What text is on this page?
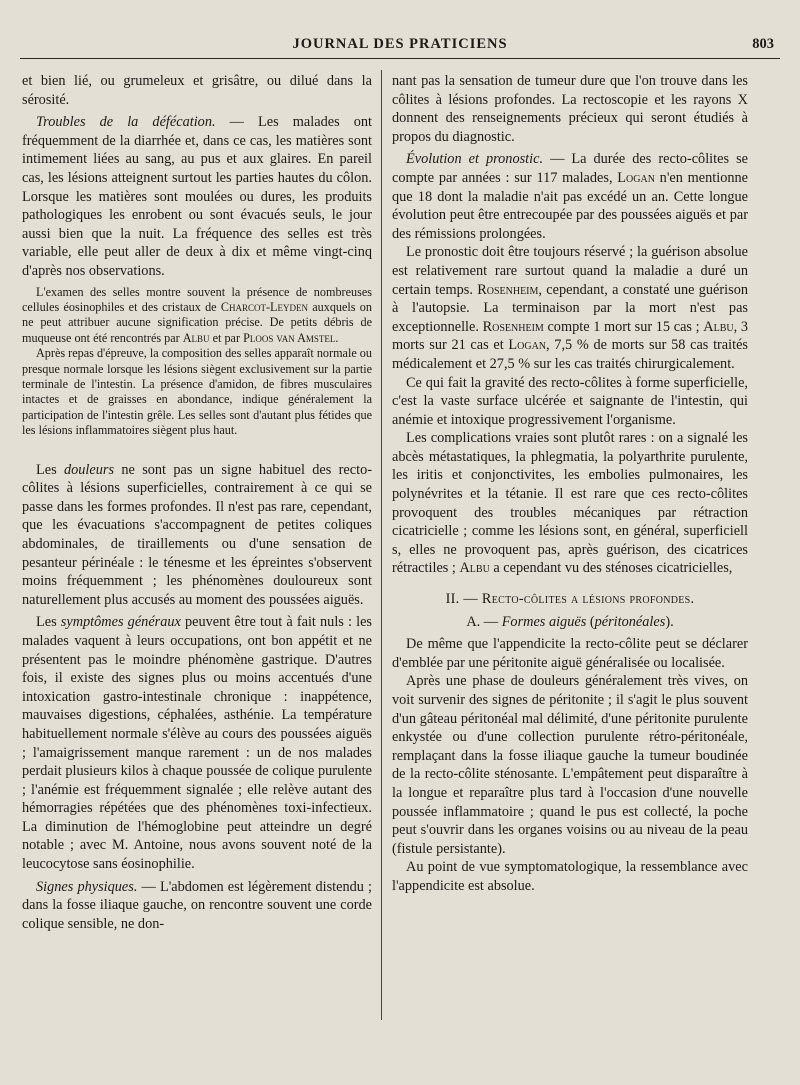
JOURNAL DES PRATICIENS	803

et bien lié, ou grumeleux et grisâtre, ou dilué dans la sérosité.

Troubles de la défécation. — Les malades ont fréquemment de la diarrhée et, dans ce cas, les matières sont intimement liées au sang, au pus et aux glaires. En pareil cas, les lésions atteignent surtout les parties hautes du côlon. Lorsque les matières sont moulées ou dures, les produits pathologiques les enrobent ou sont évacués seuls, le jour aussi bien que la nuit. La fréquence des selles est très variable, elle peut aller de deux à dix et même vingt-cinq d'après nos observations.

L'examen des selles montre souvent la présence de nombreuses cellules éosinophiles et des cristaux de Charcot-Leyden auxquels on ne peut attribuer aucune signification précise. De petits débris de muqueuse ont été rencontrés par Albu et par Ploos van Amstel.

Après repas d'épreuve, la composition des selles apparaît normale ou presque normale lorsque les lésions siègent exclusivement sur la partie terminale de l'intestin. La présence d'amidon, de fibres musculaires intactes et de graisses en abondance, indique généralement la participation de l'intestin grêle. Les selles sont d'autant plus fétides que les lésions inflammatoires siègent plus haut.

Les douleurs ne sont pas un signe habituel des recto-côlites à lésions superficielles, contrairement à ce qui se passe dans les formes profondes. Il n'est pas rare, cependant, que les évacuations s'accompagnent de petites coliques abdominales, de tiraillements ou d'une sensation de pesanteur périnéale : le ténesme et les épreintes s'observent moins fréquemment ; les phénomènes douloureux sont naturellement plus accusés au moment des poussées aiguës.

Les symptômes généraux peuvent être tout à fait nuls : les malades vaquent à leurs occupations, ont bon appétit et ne présentent pas le moindre phénomène gastrique. D'autres fois, il existe des signes plus ou moins accentués d'une intoxication gastro-intestinale chronique : inappétence, mauvaises digestions, céphalées, asthénie. La température habituellement normale s'élève au cours des poussées aiguës ; l'amaigrissement manque rarement : un de nos malades perdait plusieurs kilos à chaque poussée de colique purulente ; l'anémie est fréquemment signalée ; elle relève autant des hémorragies répétées que des phénomènes toxi-infectieux. La diminution de l'hémoglobine peut atteindre un degré notable ; avec M. Antoine, nous avons souvent noté de la leucocytose sans éosinophilie.

Signes physiques. — L'abdomen est légèrement distendu ; dans la fosse iliaque gauche, on rencontre souvent une corde colique sensible, ne don-

nant pas la sensation de tumeur dure que l'on trouve dans les côlites à lésions profondes. La rectoscopie et les rayons X donnent des renseignements précieux qui seront étudiés à propos du diagnostic.

Évolution et pronostic. — La durée des recto-côlites se compte par années : sur 117 malades, Logan n'en mentionne que 18 dont la maladie n'ait pas excédé un an. Cette longue évolution peut être entrecoupée par des poussées aiguës et par des rémissions prolongées.

Le pronostic doit être toujours réservé ; la guérison absolue est relativement rare surtout quand la maladie a duré un certain temps. Rosenheim, cependant, a constaté une guérison à l'autopsie. La terminaison par la mort n'est pas exceptionnelle. Rosenheim compte 1 mort sur 15 cas ; Albu, 3 morts sur 21 cas et Logan, 7,5 % de morts sur 58 cas traités médicalement et 27,5 % sur les cas traités chirurgicalement.

Ce qui fait la gravité des recto-côlites à forme superficielle, c'est la vaste surface ulcérée et saignante de l'intestin, qui anémie et intoxique progressivement l'organisme.

Les complications vraies sont plutôt rares : on a signalé les abcès métastatiques, la phlegmatia, la polyarthrite purulente, les iritis et conjonctivites, les embolies pulmonaires, les polynévrites et la tétanie. Il est rare que ces recto-côlites provoquent des troubles mécaniques par rétraction cicatricielle ; comme les lésions sont, en général, superficiell s, elles ne provoquent pas, après guérison, des cicatrices rétractiles ; Albu a cependant vu des sténoses cicatricielles,

II. — Recto-côlites a lésions profondes.

A. — Formes aiguës (péritonéales).

De même que l'appendicite la recto-côlite peut se déclarer d'emblée par une péritonite aiguë généralisée ou localisée.

Après une phase de douleurs généralement très vives, on voit survenir des signes de péritonite ; il s'agit le plus souvent d'un gâteau péritonéal mal délimité, d'une péritonite purulente enkystée ou d'une collection purulente rétro-péritonéale, remplaçant dans la fosse iliaque gauche la tumeur boudinée de la recto-côlite sténosante. L'empâtement peut disparaître à la longue et reparaître plus tard à l'occasion d'une nouvelle poussée inflammatoire ; quand le pus est collecté, la poche peut s'ouvrir dans les organes voisins ou au niveau de la peau (fistule persistante).

Au point de vue symptomatologique, la ressemblance avec l'appendicite est absolue.
